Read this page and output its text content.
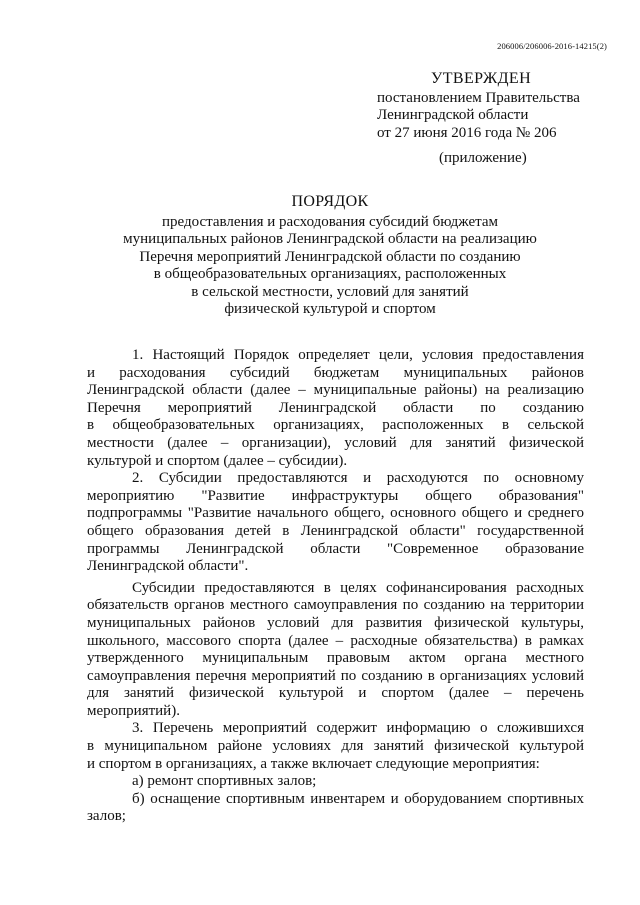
206006/206006-2016-14215(2)
УТВЕРЖДЕН
постановлением Правительства
Ленинградской области
от 27 июня 2016 года № 206
(приложение)
ПОРЯДОК
предоставления и расходования субсидий бюджетам
муниципальных районов Ленинградской области на реализацию
Перечня мероприятий Ленинградской области по созданию
в общеобразовательных организациях, расположенных
в сельской местности, условий для занятий
физической культурой и спортом
1. Настоящий Порядок определяет цели, условия предоставления
и расходования субсидий бюджетам муниципальных районов
Ленинградской области (далее – муниципальные районы) на реализацию
Перечня мероприятий Ленинградской области по созданию
в общеобразовательных организациях, расположенных в сельской
местности (далее – организации), условий для занятий физической
культурой и спортом (далее – субсидии).
2. Субсидии предоставляются и расходуются по основному
мероприятию "Развитие инфраструктуры общего образования"
подпрограммы "Развитие начального общего, основного общего и среднего
общего образования детей в Ленинградской области" государственной
программы Ленинградской области "Современное образование
Ленинградской области".
Субсидии предоставляются в целях софинансирования расходных
обязательств органов местного самоуправления по созданию на территории
муниципальных районов условий для развития физической культуры,
школьного, массового спорта (далее – расходные обязательства) в рамках
утвержденного муниципальным правовым актом органа местного
самоуправления перечня мероприятий по созданию в организациях условий
для занятий физической культурой и спортом (далее – перечень
мероприятий).
3. Перечень мероприятий содержит информацию о сложившихся
в муниципальном районе условиях для занятий физической культурой
и спортом в организациях, а также включает следующие мероприятия:
а) ремонт спортивных залов;
б) оснащение спортивным инвентарем и оборудованием спортивных
залов;
